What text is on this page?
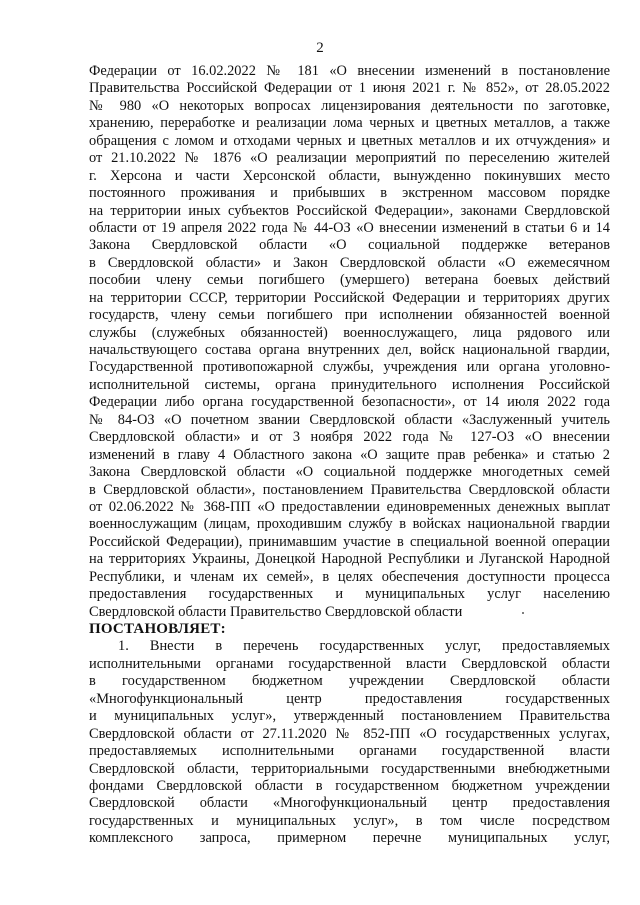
2
Федерации от 16.02.2022 № 181 «О внесении изменений в постановление
Правительства Российской Федерации от 1 июня 2021 г. № 852», от 28.05.2022
№ 980 «О некоторых вопросах лицензирования деятельности по заготовке,
хранению, переработке и реализации лома черных и цветных металлов, а также
обращения с ломом и отходами черных и цветных металлов и их отчуждения» и
от 21.10.2022 № 1876 «О реализации мероприятий по переселению жителей
г. Херсона и части Херсонской области, вынужденно покинувших место
постоянного проживания и прибывших в экстренном массовом порядке
на территории иных субъектов Российской Федерации», законами Свердловской
области от 19 апреля 2022 года № 44-ОЗ «О внесении изменений в статьи 6 и 14
Закона Свердловской области «О социальной поддержке ветеранов
в Свердловской области» и Закон Свердловской области «О ежемесячном
пособии члену семьи погибшего (умершего) ветерана боевых действий
на территории СССР, территории Российской Федерации и территориях других
государств, члену семьи погибшего при исполнении обязанностей военной
службы (служебных обязанностей) военнослужащего, лица рядового или
начальствующего состава органа внутренних дел, войск национальной гвардии,
Государственной противопожарной службы, учреждения или органа уголовно-
исполнительной системы, органа принудительного исполнения Российской
Федерации либо органа государственной безопасности», от 14 июля 2022 года
№ 84-ОЗ «О почетном звании Свердловской области «Заслуженный учитель
Свердловской области» и от 3 ноября 2022 года № 127-ОЗ «О внесении
изменений в главу 4 Областного закона «О защите прав ребенка» и статью 2
Закона Свердловской области «О социальной поддержке многодетных семей
в Свердловской области», постановлением Правительства Свердловской области
от 02.06.2022 № 368-ПП «О предоставлении единовременных денежных выплат
военнослужащим (лицам, проходившим службу в войсках национальной гвардии
Российской Федерации), принимавшим участие в специальной военной операции
на территориях Украины, Донецкой Народной Республики и Луганской Народной
Республики, и членам их семей», в целях обеспечения доступности процесса
предоставления государственных и муниципальных услуг населению
Свердловской области Правительство Свердловской области
ПОСТАНОВЛЯЕТ:
1. Внести в перечень государственных услуг, предоставляемых
исполнительными органами государственной власти Свердловской области
в государственном бюджетном учреждении Свердловской области
«Многофункциональный центр предоставления государственных
и муниципальных услуг», утвержденный постановлением Правительства
Свердловской области от 27.11.2020 № 852-ПП «О государственных услугах,
предоставляемых исполнительными органами государственной власти
Свердловской области, территориальными государственными внебюджетными
фондами Свердловской области в государственном бюджетном учреждении
Свердловской области «Многофункциональный центр предоставления
государственных и муниципальных услуг», в том числе посредством
комплексного запроса, примерном перечне муниципальных услуг,
